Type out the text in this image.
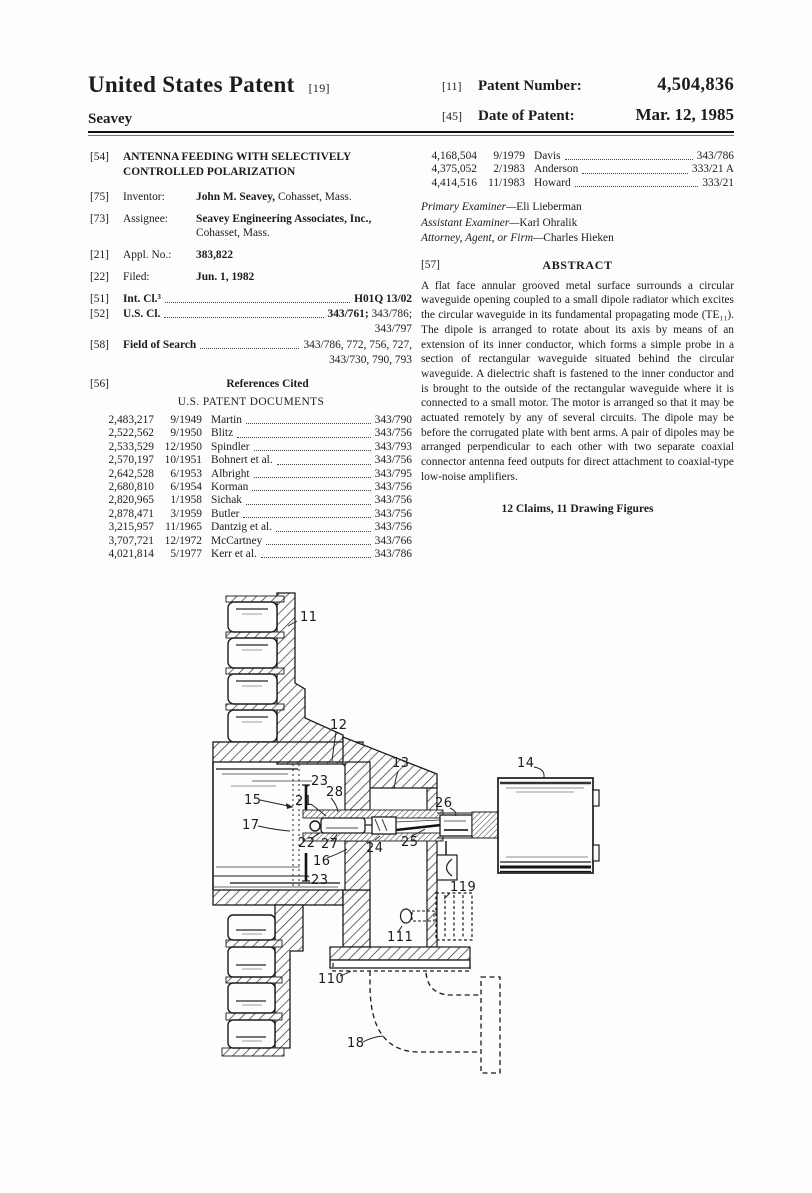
United States Patent [19]
Seavey
[11]	Patent Number:	4,504,836
[45]	Date of Patent:	Mar. 12, 1985
[54]	ANTENNA FEEDING WITH SELECTIVELY
CONTROLLED POLARIZATION
[75]	Inventor:	John M. Seavey, Cohasset, Mass.
[73]	Assignee:	Seavey Engineering Associates, Inc.,
Cohasset, Mass.
[21]	Appl. No.:	383,822
[22]	Filed:	Jun. 1, 1982
[51]	Int. Cl.³	H01Q 13/02
[52]	U.S. Cl.	343/761; 343/786;
343/797
[58]	Field of Search	343/786, 772, 756, 727,
343/730, 790, 793
[56]	References Cited
U.S. PATENT DOCUMENTS
2,483,217	9/1949 Martin	343/790
2,522,562	9/1950 Blitz	343/756
2,533,529 12/1950 Spindler	343/793
2,570,197 10/1951 Bohnert et al.	343/756
2,642,528	6/1953 Albright	343/795
2,680,810	6/1954 Korman	343/756
2,820,965	1/1958 Sichak	343/756
2,878,471	3/1959 Butler	343/756
3,215,957 11/1965 Dantzig et al.	343/756
3,707,721 12/1972 McCartney	343/766
4,021,814	5/1977 Kerr et al.	343/786
4,168,504	9/1979 Davis	343/786
4,375,052	2/1983 Anderson	333/21 A
4,414,516 11/1983 Howard	333/21
Primary Examiner—Eli Lieberman
Assistant Examiner—Karl Ohralik
Attorney, Agent, or Firm—Charles Hieken
[57]	ABSTRACT

A flat face annular grooved metal surface surrounds a circular waveguide opening coupled to a small dipole radiator which excites the circular waveguide in its fundamental propagating mode (TE₁₁). The dipole is arranged to rotate about its axis by means of an extension of its inner conductor, which forms a simple probe in a section of rectangular waveguide situated behind the circular waveguide. A dielectric shaft is fastened to the inner conductor and is brought to the outside of the rectangular waveguide where it is connected to a small motor. The motor is arranged so that it may be actuated remotely by any of several circuits. The dipole may be before the corrugated plate with bent arms. A pair of dipoles may be arranged perpendicular to each other with two separate coaxial connector antenna feed outputs for direct attachment to coaxial-type low-noise amplifiers.

12 Claims, 11 Drawing Figures
11
12
13	14
15
16
17
21
22
23
23
24 25
26
27
28
110
111
119
18
